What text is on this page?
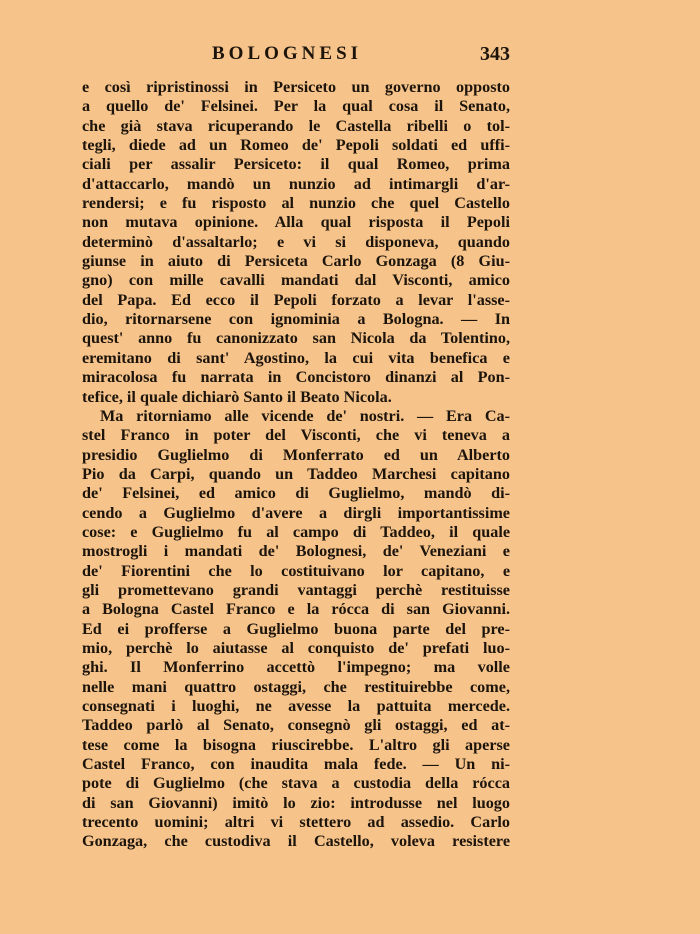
BOLOGNESI	343
e così ripristinossi in Persiceto un governo opposto
a quello de' Felsinei. Per la qual cosa il Senato,
che già stava ricuperando le Castella ribelli o tol-
tegli, diede ad un Romeo de' Pepoli soldati ed uffi-
ciali per assalir Persiceto: il qual Romeo, prima
d'attaccarlo, mandò un nunzio ad intimargli d'ar-
rendersi; e fu risposto al nunzio che quel Castello
non mutava opinione. Alla qual risposta il Pepoli
determinò d'assaltarlo; e vi si disponeva, quando
giunse in aiuto di Persiceta Carlo Gonzaga (8 Giu-
gno) con mille cavalli mandati dal Visconti, amico
del Papa. Ed ecco il Pepoli forzato a levar l'asse-
dio, ritornarsene con ignominia a Bologna. — In
quest' anno fu canonizzato san Nicola da Tolentino,
eremitano di sant' Agostino, la cui vita benefica e
miracolosa fu narrata in Concistoro dinanzi al Pon-
tefice, il quale dichiarò Santo il Beato Nicola.
Ma ritorniamo alle vicende de' nostri. — Era Ca-
stel Franco in poter del Visconti, che vi teneva a
presidio Guglielmo di Monferrato ed un Alberto
Pio da Carpi, quando un Taddeo Marchesi capitano
de' Felsinei, ed amico di Guglielmo, mandò di-
cendo a Guglielmo d'avere a dirgli importantissime
cose: e Guglielmo fu al campo di Taddeo, il quale
mostrogli i mandati de' Bolognesi, de' Veneziani e
de' Fiorentini che lo costituivano lor capitano, e
gli promettevano grandi vantaggi perchè restituisse
a Bologna Castel Franco e la rócca di san Giovanni.
Ed ei profferse a Guglielmo buona parte del pre-
mio, perchè lo aiutasse al conquisto de' prefati luo-
ghi. Il Monferrino accettò l'impegno; ma volle
nelle mani quattro ostaggi, che restituirebbe come,
consegnati i luoghi, ne avesse la pattuita mercede.
Taddeo parlò al Senato, consegnò gli ostaggi, ed at-
tese come la bisogna riuscirebbe. L'altro gli aperse
Castel Franco, con inaudita mala fede. — Un ni-
pote di Guglielmo (che stava a custodia della rócca
di san Giovanni) imitò lo zio: introdusse nel luogo
trecento uomini; altri vi stettero ad assedio. Carlo
Gonzaga, che custodiva il Castello, voleva resistere
